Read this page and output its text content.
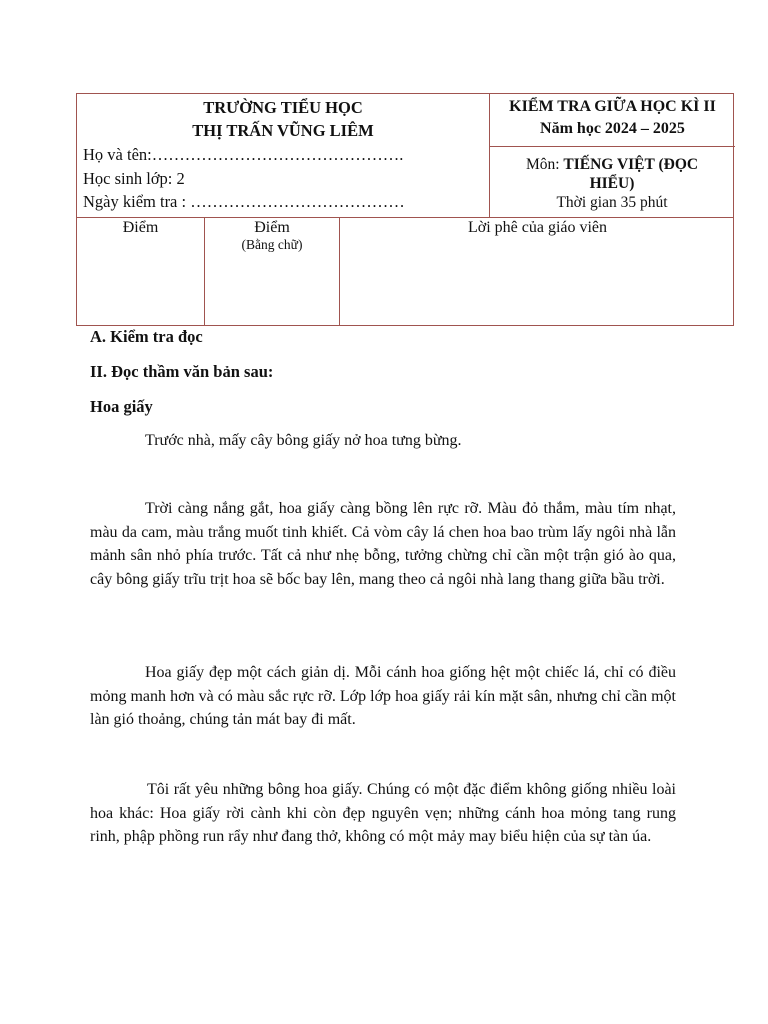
TRƯỜNG TIỂU HỌC
THỊ TRẤN VŨNG LIÊM
Họ và tên:……………………………………….
Học sinh lớp: 2
Ngày kiểm tra : …………………………………
KIỂM TRA GIỮA HỌC KÌ II
Năm học 2024 – 2025
Môn: TIẾNG VIỆT (ĐỌC HIỂU)
Thời gian 35 phút
Điểm	Điểm
(Bằng chữ)
Lời phê của giáo viên
A. Kiểm tra đọc
II. Đọc thầm văn bản sau:
Hoa giấy
Trước nhà, mấy cây bông giấy nở hoa tưng bừng.
Trời càng nắng gắt, hoa giấy càng bồng lên rực rỡ. Màu đỏ thắm, màu tím nhạt, màu da cam, màu trắng muốt tinh khiết. Cả vòm cây lá chen hoa bao trùm lấy ngôi nhà lẫn mảnh sân nhỏ phía trước. Tất cả như nhẹ bỗng, tưởng chừng chỉ cần một trận gió ào qua, cây bông giấy trĩu trịt hoa sẽ bốc bay lên, mang theo cả ngôi nhà lang thang giữa bầu trời.
Hoa giấy đẹp một cách giản dị. Mỗi cánh hoa giống hệt một chiếc lá, chỉ có điều mỏng manh hơn và có màu sắc rực rỡ. Lớp lớp hoa giấy rải kín mặt sân, nhưng chỉ cần một làn gió thoảng, chúng tản mát bay đi mất.
Tôi rất yêu những bông hoa giấy. Chúng có một đặc điểm không giống nhiều loài hoa khác: Hoa giấy rời cành khi còn đẹp nguyên vẹn; những cánh hoa mỏng tang rung rinh, phập phồng run rẩy như đang thở, không có một mảy may biểu hiện của sự tàn úa.
